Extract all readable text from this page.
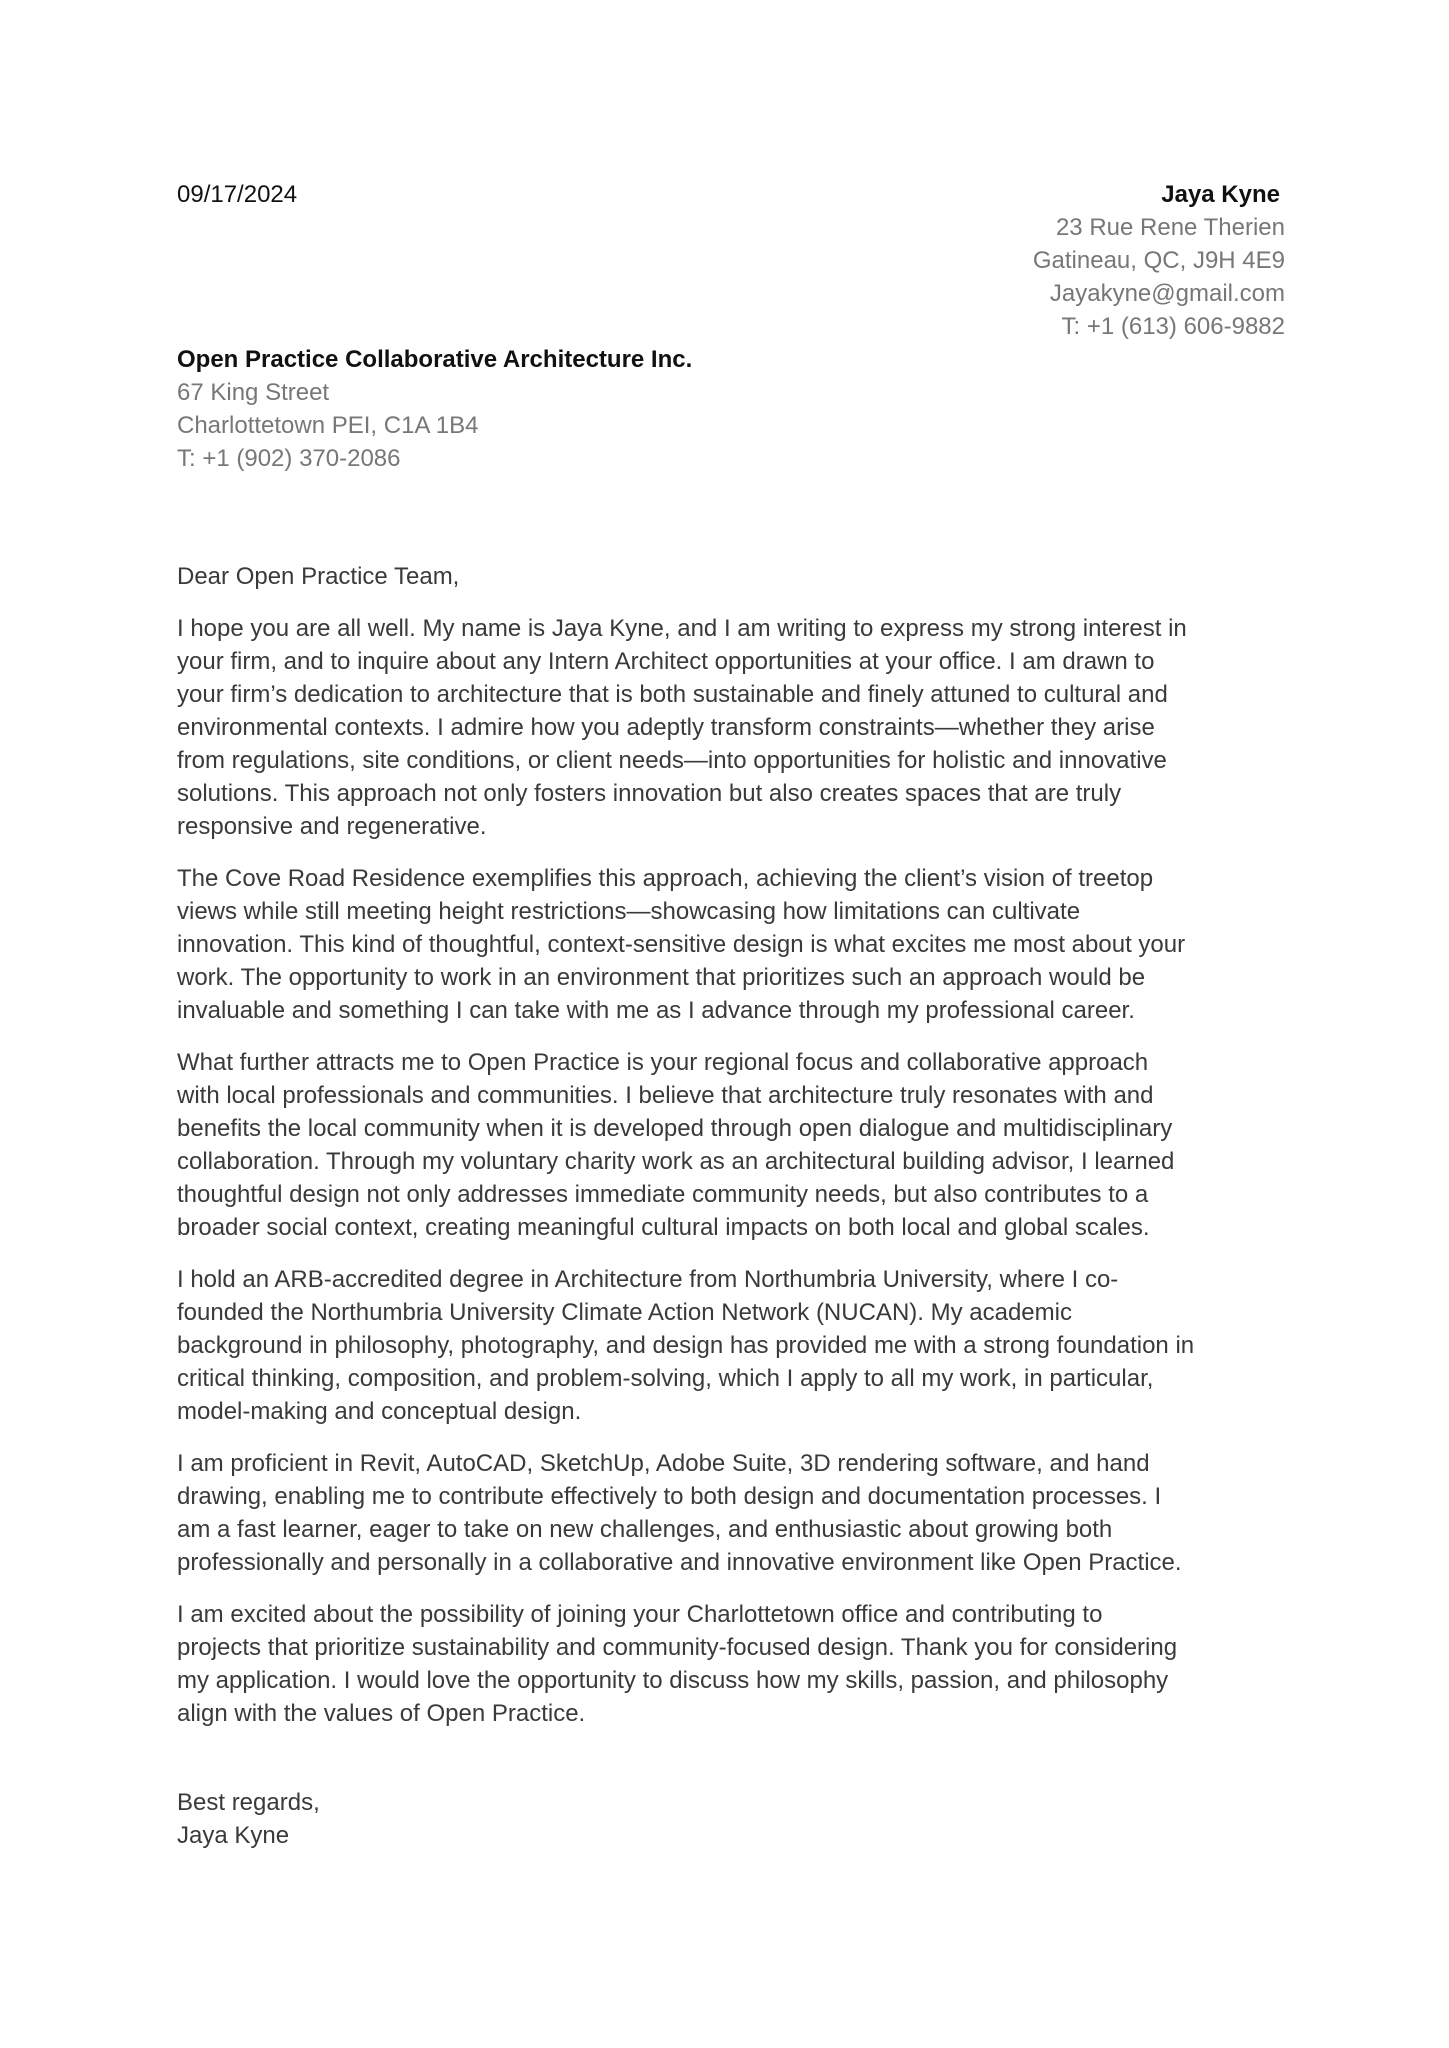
09/17/2024	Jaya Kyne
23 Rue Rene Therien
Gatineau, QC, J9H 4E9
Jayakyne@gmail.com
T: +1 (613) 606-9882
Open Practice Collaborative Architecture Inc.
67 King Street
Charlottetown PEI, C1A 1B4
T: +1 (902) 370-2086

Dear Open Practice Team,

I hope you are all well. My name is Jaya Kyne, and I am writing to express my strong interest in
your firm, and to inquire about any Intern Architect opportunities at your office. I am drawn to
your firm’s dedication to architecture that is both sustainable and finely attuned to cultural and
environmental contexts. I admire how you adeptly transform constraints—whether they arise
from regulations, site conditions, or client needs—into opportunities for holistic and innovative
solutions. This approach not only fosters innovation but also creates spaces that are truly
responsive and regenerative.

The Cove Road Residence exemplifies this approach, achieving the client’s vision of treetop
views while still meeting height restrictions—showcasing how limitations can cultivate
innovation. This kind of thoughtful, context-sensitive design is what excites me most about your
work. The opportunity to work in an environment that prioritizes such an approach would be
invaluable and something I can take with me as I advance through my professional career.

What further attracts me to Open Practice is your regional focus and collaborative approach
with local professionals and communities. I believe that architecture truly resonates with and
benefits the local community when it is developed through open dialogue and multidisciplinary
collaboration. Through my voluntary charity work as an architectural building advisor, I learned
thoughtful design not only addresses immediate community needs, but also contributes to a
broader social context, creating meaningful cultural impacts on both local and global scales.

I hold an ARB-accredited degree in Architecture from Northumbria University, where I co-
founded the Northumbria University Climate Action Network (NUCAN). My academic
background in philosophy, photography, and design has provided me with a strong foundation in
critical thinking, composition, and problem-solving, which I apply to all my work, in particular,
model-making and conceptual design.

I am proficient in Revit, AutoCAD, SketchUp, Adobe Suite, 3D rendering software, and hand
drawing, enabling me to contribute effectively to both design and documentation processes. I
am a fast learner, eager to take on new challenges, and enthusiastic about growing both
professionally and personally in a collaborative and innovative environment like Open Practice.

I am excited about the possibility of joining your Charlottetown office and contributing to
projects that prioritize sustainability and community-focused design. Thank you for considering
my application. I would love the opportunity to discuss how my skills, passion, and philosophy
align with the values of Open Practice.

Best regards,
Jaya Kyne
